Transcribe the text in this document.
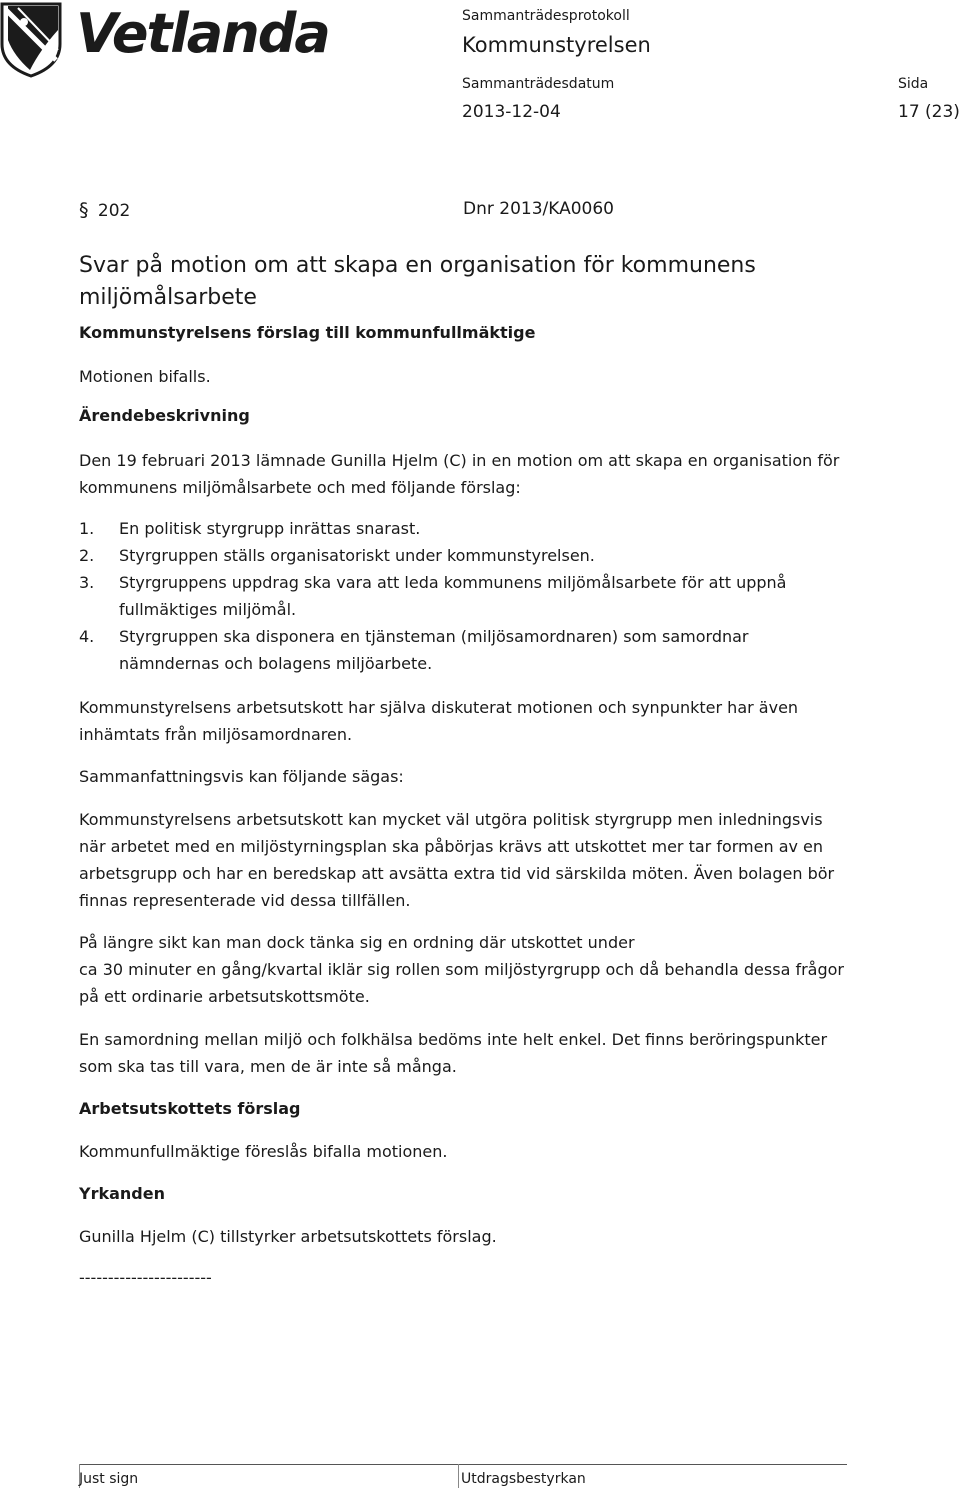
Vetlanda	Sammanträdesprotokoll
Kommunstyrelsen
Sammanträdesdatum	Sida
2013-12-04	17 (23)
§ 202	Dnr 2013/KA0060
Svar på motion om att skapa en organisation för kommunens miljömålsarbete
Kommunstyrelsens förslag till kommunfullmäktige
Motionen bifalls.
Ärendebeskrivning
Den 19 februari 2013 lämnade Gunilla Hjelm (C) in en motion om att skapa en organisation för kommunens miljömålsarbete och med följande förslag:
1. En politisk styrgrupp inrättas snarast.
2. Styrgruppen ställs organisatoriskt under kommunstyrelsen.
3. Styrgruppens uppdrag ska vara att leda kommunens miljömålsarbete för att uppnå fullmäktiges miljömål.
4. Styrgruppen ska disponera en tjänsteman (miljösamordnaren) som samordnar nämndernas och bolagens miljöarbete.
Kommunstyrelsens arbetsutskott har själva diskuterat motionen och synpunkter har även inhämtats från miljösamordnaren.
Sammanfattningsvis kan följande sägas:
Kommunstyrelsens arbetsutskott kan mycket väl utgöra politisk styrgrupp men inledningsvis när arbetet med en miljöstyrningsplan ska påbörjas krävs att utskottet mer tar formen av en arbetsgrupp och har en beredskap att avsätta extra tid vid särskilda möten. Även bolagen bör finnas representerade vid dessa tillfällen.
På längre sikt kan man dock tänka sig en ordning där utskottet under
ca 30 minuter en gång/kvartal iklär sig rollen som miljöstyrgrupp och då behandla dessa frågor på ett ordinarie arbetsutskottsmöte.
En samordning mellan miljö och folkhälsa bedöms inte helt enkel. Det finns beröringspunkter som ska tas till vara, men de är inte så många.
Arbetsutskottets förslag
Kommunfullmäktige föreslås bifalla motionen.
Yrkanden
Gunilla Hjelm (C) tillstyrker arbetsutskottets förslag.
-----------------------
Just sign	Utdragsbestyrkan
